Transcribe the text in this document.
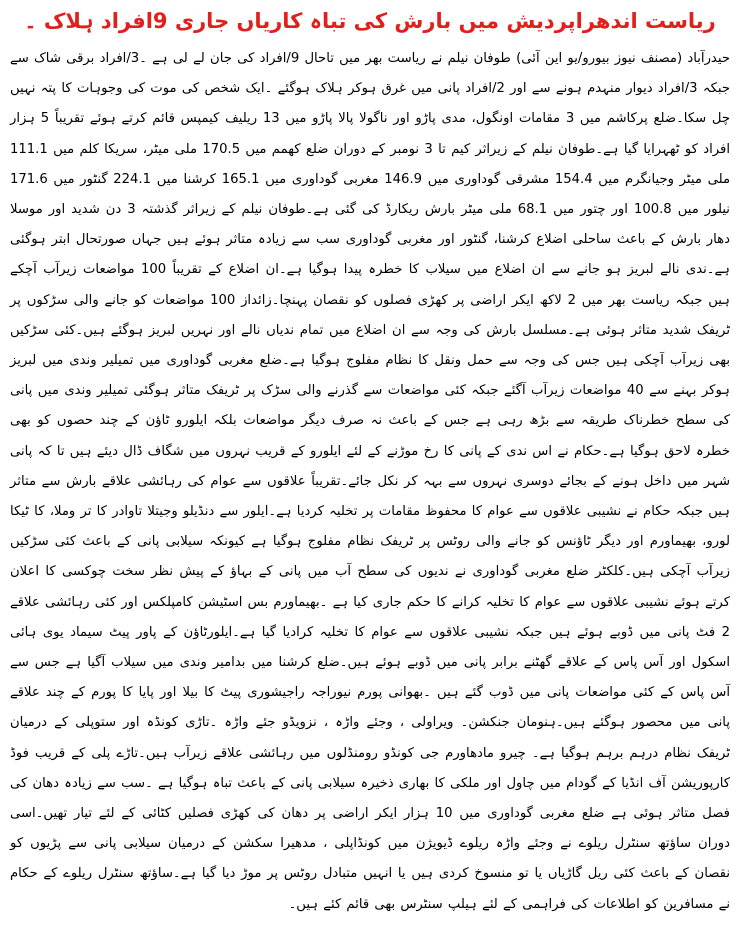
ریاست اندھراپردیش میں بارش کی تباہ کاریاں جاری 9افراد ہلاک ۔

حیدرآباد (مصنف نیوز بیورو/یو این آئی) طوفان نیلم نے ریاست بھر میں تاحال 9/افراد کی جان لے لی ہے ۔3/افراد برقی شاک سے جبکہ 3/افراد دیوار منہدم ہونے سے اور 2/افراد پانی میں غرق ہوکر ہلاک ہوگئے ۔ایک شخص کی موت کی وجوہات کا پتہ نہیں چل سکا۔ضلع پرکاشم میں 3 مقامات اونگول، مدی پاڑو اور ناگولا پالا پاڑو میں 13 ریلیف کیمپس قائم کرتے ہوئے تقریباً 5 ہزار افراد کو ٹھہرایا گیا ہے۔طوفان نیلم کے زیراثر کیم تا 3 نومبر کے دوران ضلع کھمم میں 170.5 ملی میٹر، سریکا کلم میں 111.1 ملی میٹر وجیانگرم میں 154.4 مشرقی گوداوری میں 146.9 مغربی گوداوری میں 165.1 کرشنا میں 224.1 گنٹور میں 171.6 نیلور میں 100.8 اور چتور میں 68.1 ملی میٹر بارش ریکارڈ کی گئی ہے۔طوفان نیلم کے زیراثر گذشتہ 3 دن شدید اور موسلا دھار بارش کے باعث ساحلی اضلاع کرشنا، گنٹور اور مغربی گوداوری سب سے زیادہ متاثر ہوئے ہیں جہاں صورتحال ابتر ہوگئی ہے۔ندی نالے لبریز ہو جانے سے ان اضلاع میں سیلاب کا خطرہ پیدا ہوگیا ہے۔ان اضلاع کے تقریباً 100 مواضعات زیرآب آچکے ہیں جبکہ ریاست بھر میں 2 لاکھ ایکر اراضی پر کھڑی فصلوں کو نقصان پہنچا۔زائداز 100 مواضعات کو جانے والی سڑکوں پر ٹریفک شدید متاثر ہوئی ہے۔مسلسل بارش کی وجہ سے ان اضلاع میں تمام ندیاں نالے اور نہریں لبریز ہوگئے ہیں۔کئی سڑکیں بھی زیرآب آچکی ہیں جس کی وجہ سے حمل ونقل کا نظام مفلوج ہوگیا ہے۔ضلع مغربی گوداوری میں تمیلیر وندی میں لبریز ہوکر بہنے سے 40 مواضعات زیرآب آگئے جبکہ کئی مواضعات سے گذرنے والی سڑک پر ٹریفک متاثر ہوگئی تمیلیر وندی میں پانی کی سطح خطرناک طریقہ سے بڑھ رہی ہے جس کے باعث نہ صرف دیگر مواضعات بلکہ ایلورو ٹاؤن کے چند حصوں کو بھی خطرہ لاحق ہوگیا ہے۔حکام نے اس ندی کے پانی کا رخ موڑنے کے لئے ایلورو کے قریب نہروں میں شگاف ڈال دیئے ہیں تا کہ پانی شہر میں داخل ہونے کے بجائے دوسری نہروں سے بہہ کر نکل جائے۔تقریباً علاقوں سے عوام کی رہائشی علاقے بارش سے متاثر ہیں جبکہ حکام نے نشیبی علاقوں سے عوام کا محفوظ مقامات پر تخلیہ کردیا ہے۔ایلور سے دنڈیلو وجیتلا تاوادر کا تر وملا، کا ٹیکا لورو، بھیماورم اور دیگر ٹاؤنس کو جانے والی روٹس پر ٹریفک نظام مفلوج ہوگیا ہے کیونکہ سیلابی پانی کے باعث کئی سڑکیں زیرآب آچکی ہیں۔کلکٹر ضلع مغربی گوداوری نے ندیوں کی سطح آب میں پانی کے بہاؤ کے پیش نظر سخت چوکسی کا اعلان کرتے ہوئے نشیبی علاقوں سے عوام کا تخلیہ کرانے کا حکم جاری کیا ہے ۔بھیماورم بس اسٹیشن کامپلکس اور کئی رہائشی علاقے 2 فٹ پانی میں ڈوبے ہوئے ہیں جبکہ نشیبی علاقوں سے عوام کا تخلیہ کرادیا گیا ہے۔ایلورٹاؤن کے پاور پیٹ سیماد یوی ہائی اسکول اور آس پاس کے علاقے گھٹنے برابر پانی میں ڈوبے ہوئے ہیں۔ضلع کرشنا میں بدامیر وندی میں سیلاب آگیا ہے جس سے آس پاس کے کئی مواضعات پانی میں ڈوب گئے ہیں ۔بھوانی پورم نیوراجہ راجیشوری پیٹ کا بیلا اور پایا کا پورم کے چند علاقے پانی میں محصور ہوگئے ہیں۔ہنومان جنکشن۔ ویراولی ، وجئے واڑہ ، نزویڈو جئے واڑہ ۔تاڑی کونڈہ اور ستوپلی کے درمیان ٹریفک نظام درہم برہم ہوگیا ہے۔ چیرو مادھاورم جی کونڈو رومنڈلوں میں رہائشی علاقے زیرآب ہیں۔تاڑے پلی کے قریب فوڈ کارپوریشن آف انڈیا کے گودام میں چاول اور ملکی کا بھاری ذخیرہ سیلابی پانی کے باعث تباہ ہوگیا ہے ۔سب سے زیادہ دھان کی فصل متاثر ہوئی ہے ضلع مغربی گوداوری میں 10 ہزار ایکر اراضی پر دھان کی کھڑی فصلیں کٹائی کے لئے تیار تھیں۔اسی دوران ساؤتھ سنٹرل ریلوے نے وجئے واڑہ ریلوے ڈیویژن میں کونڈاپلی ، مدھیرا سکشن کے درمیان سیلابی پانی سے پڑیوں کو نقصان کے باعث کئی ریل گاڑیاں یا تو منسوخ کردی ہیں یا انہیں متبادل روٹس پر موڑ دیا گیا ہے۔ساؤتھ سنٹرل ریلوے کے حکام نے مسافرین کو اطلاعات کی فراہمی کے لئے ہیلپ سنٹرس بھی قائم کئے ہیں۔
